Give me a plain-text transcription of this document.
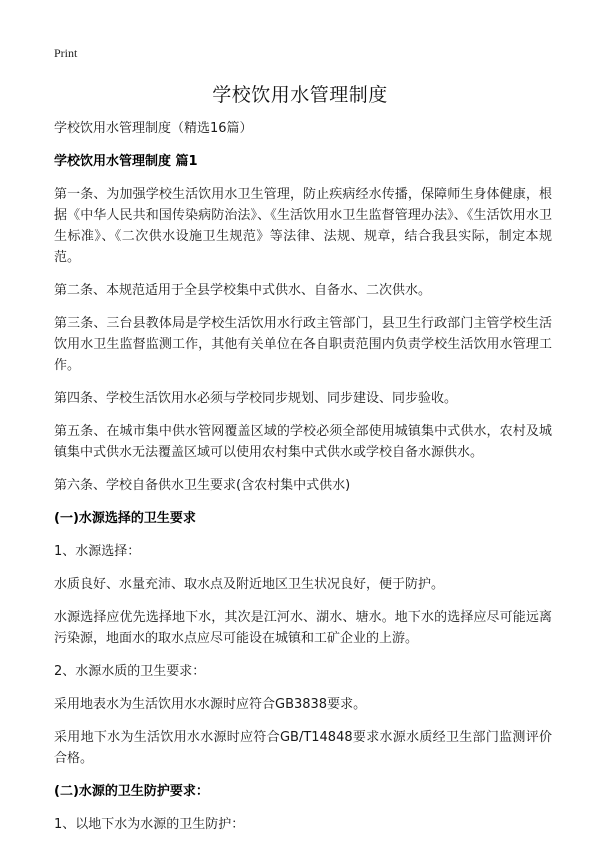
Print
学校饮用水管理制度

学校饮用水管理制度（精选16篇）

学校饮用水管理制度 篇1

第一条、为加强学校生活饮用水卫生管理，防止疾病经水传播，保障师生身体健康，根据《中华人民共和国传染病防治法》、《生活饮用水卫生监督管理办法》、《生活饮用水卫生标准》、《二次供水设施卫生规范》等法律、法规、规章，结合我县实际，制定本规范。

第二条、本规范适用于全县学校集中式供水、自备水、二次供水。

第三条、三台县教体局是学校生活饮用水行政主管部门，县卫生行政部门主管学校生活饮用水卫生监督监测工作，其他有关单位在各自职责范围内负责学校生活饮用水管理工作。

第四条、学校生活饮用水必须与学校同步规划、同步建设、同步验收。

第五条、在城市集中供水管网覆盖区域的学校必须全部使用城镇集中式供水，农村及城镇集中式供水无法覆盖区域可以使用农村集中式供水或学校自备水源供水。

第六条、学校自备供水卫生要求(含农村集中式供水)

(一)水源选择的卫生要求

1、水源选择：

水质良好、水量充沛、取水点及附近地区卫生状况良好，便于防护。

水源选择应优先选择地下水，其次是江河水、湖水、塘水。地下水的选择应尽可能远离污染源，地面水的取水点应尽可能设在城镇和工矿企业的上游。

2、水源水质的卫生要求：

采用地表水为生活饮用水水源时应符合GB3838要求。

采用地下水为生活饮用水水源时应符合GB/T14848要求水源水质经卫生部门监测评价合格。

(二)水源的卫生防护要求：

1、以地下水为水源的卫生防护：
